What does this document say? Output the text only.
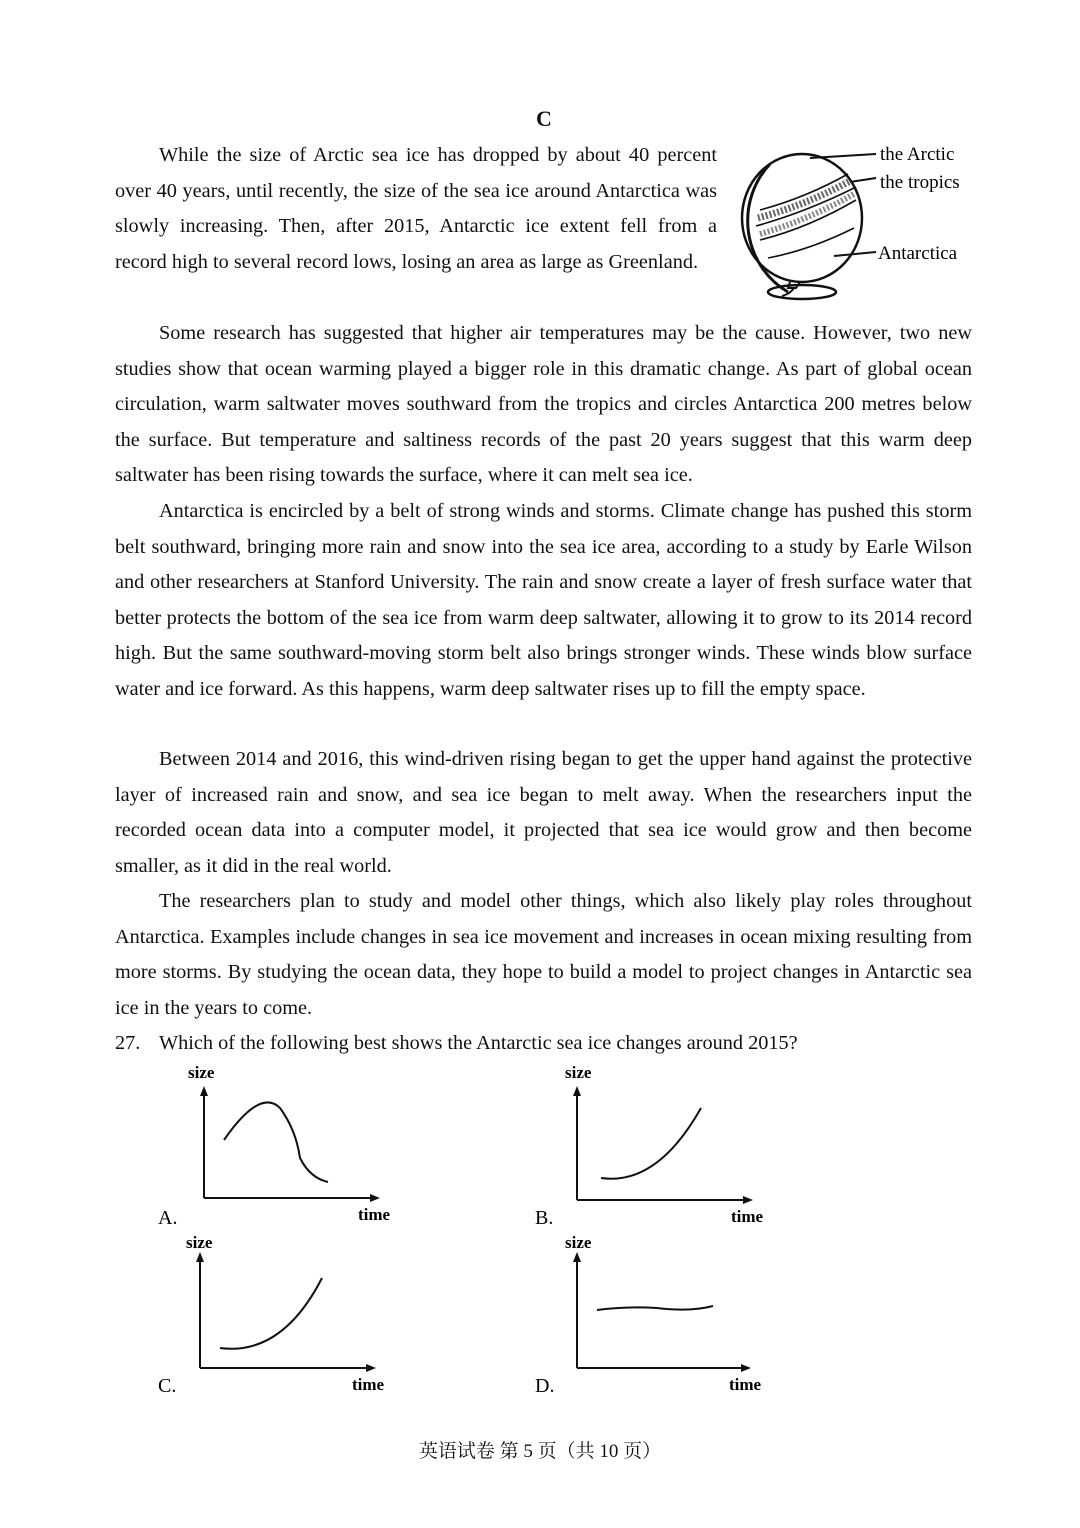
C

While the size of Arctic sea ice has dropped by about 40 percent over 40 years, until recently, the size of the sea ice around Antarctica was slowly increasing. Then, after 2015, Antarctic ice extent fell from a record high to several record lows, losing an area as large as Greenland.

Some research has suggested that higher air temperatures may be the cause. However, two new studies show that ocean warming played a bigger role in this dramatic change. As part of global ocean circulation, warm saltwater moves southward from the tropics and circles Antarctica 200 metres below the surface. But temperature and saltiness records of the past 20 years suggest that this warm deep saltwater has been rising towards the surface, where it can melt sea ice.

Antarctica is encircled by a belt of strong winds and storms. Climate change has pushed this storm belt southward, bringing more rain and snow into the sea ice area, according to a study by Earle Wilson and other researchers at Stanford University. The rain and snow create a layer of fresh surface water that better protects the bottom of the sea ice from warm deep saltwater, allowing it to grow to its 2014 record high. But the same southward-moving storm belt also brings stronger winds. These winds blow surface water and ice forward. As this happens, warm deep saltwater rises up to fill the empty space.

Between 2014 and 2016, this wind-driven rising began to get the upper hand against the protective layer of increased rain and snow, and sea ice began to melt away. When the researchers input the recorded ocean data into a computer model, it projected that sea ice would grow and then become smaller, as it did in the real world.

The researchers plan to study and model other things, which also likely play roles throughout Antarctica. Examples include changes in sea ice movement and increases in ocean mixing resulting from more storms. By studying the ocean data, they hope to build a model to project changes in Antarctic sea ice in the years to come.

the Arctic
the tropics
Antarctica
27. Which of the following best shows the Antarctic sea ice changes around 2015?
size
A.	time
size
B.	time
size
C.	time
size
D.	time
英语试卷 第 5 页（共 10 页）
